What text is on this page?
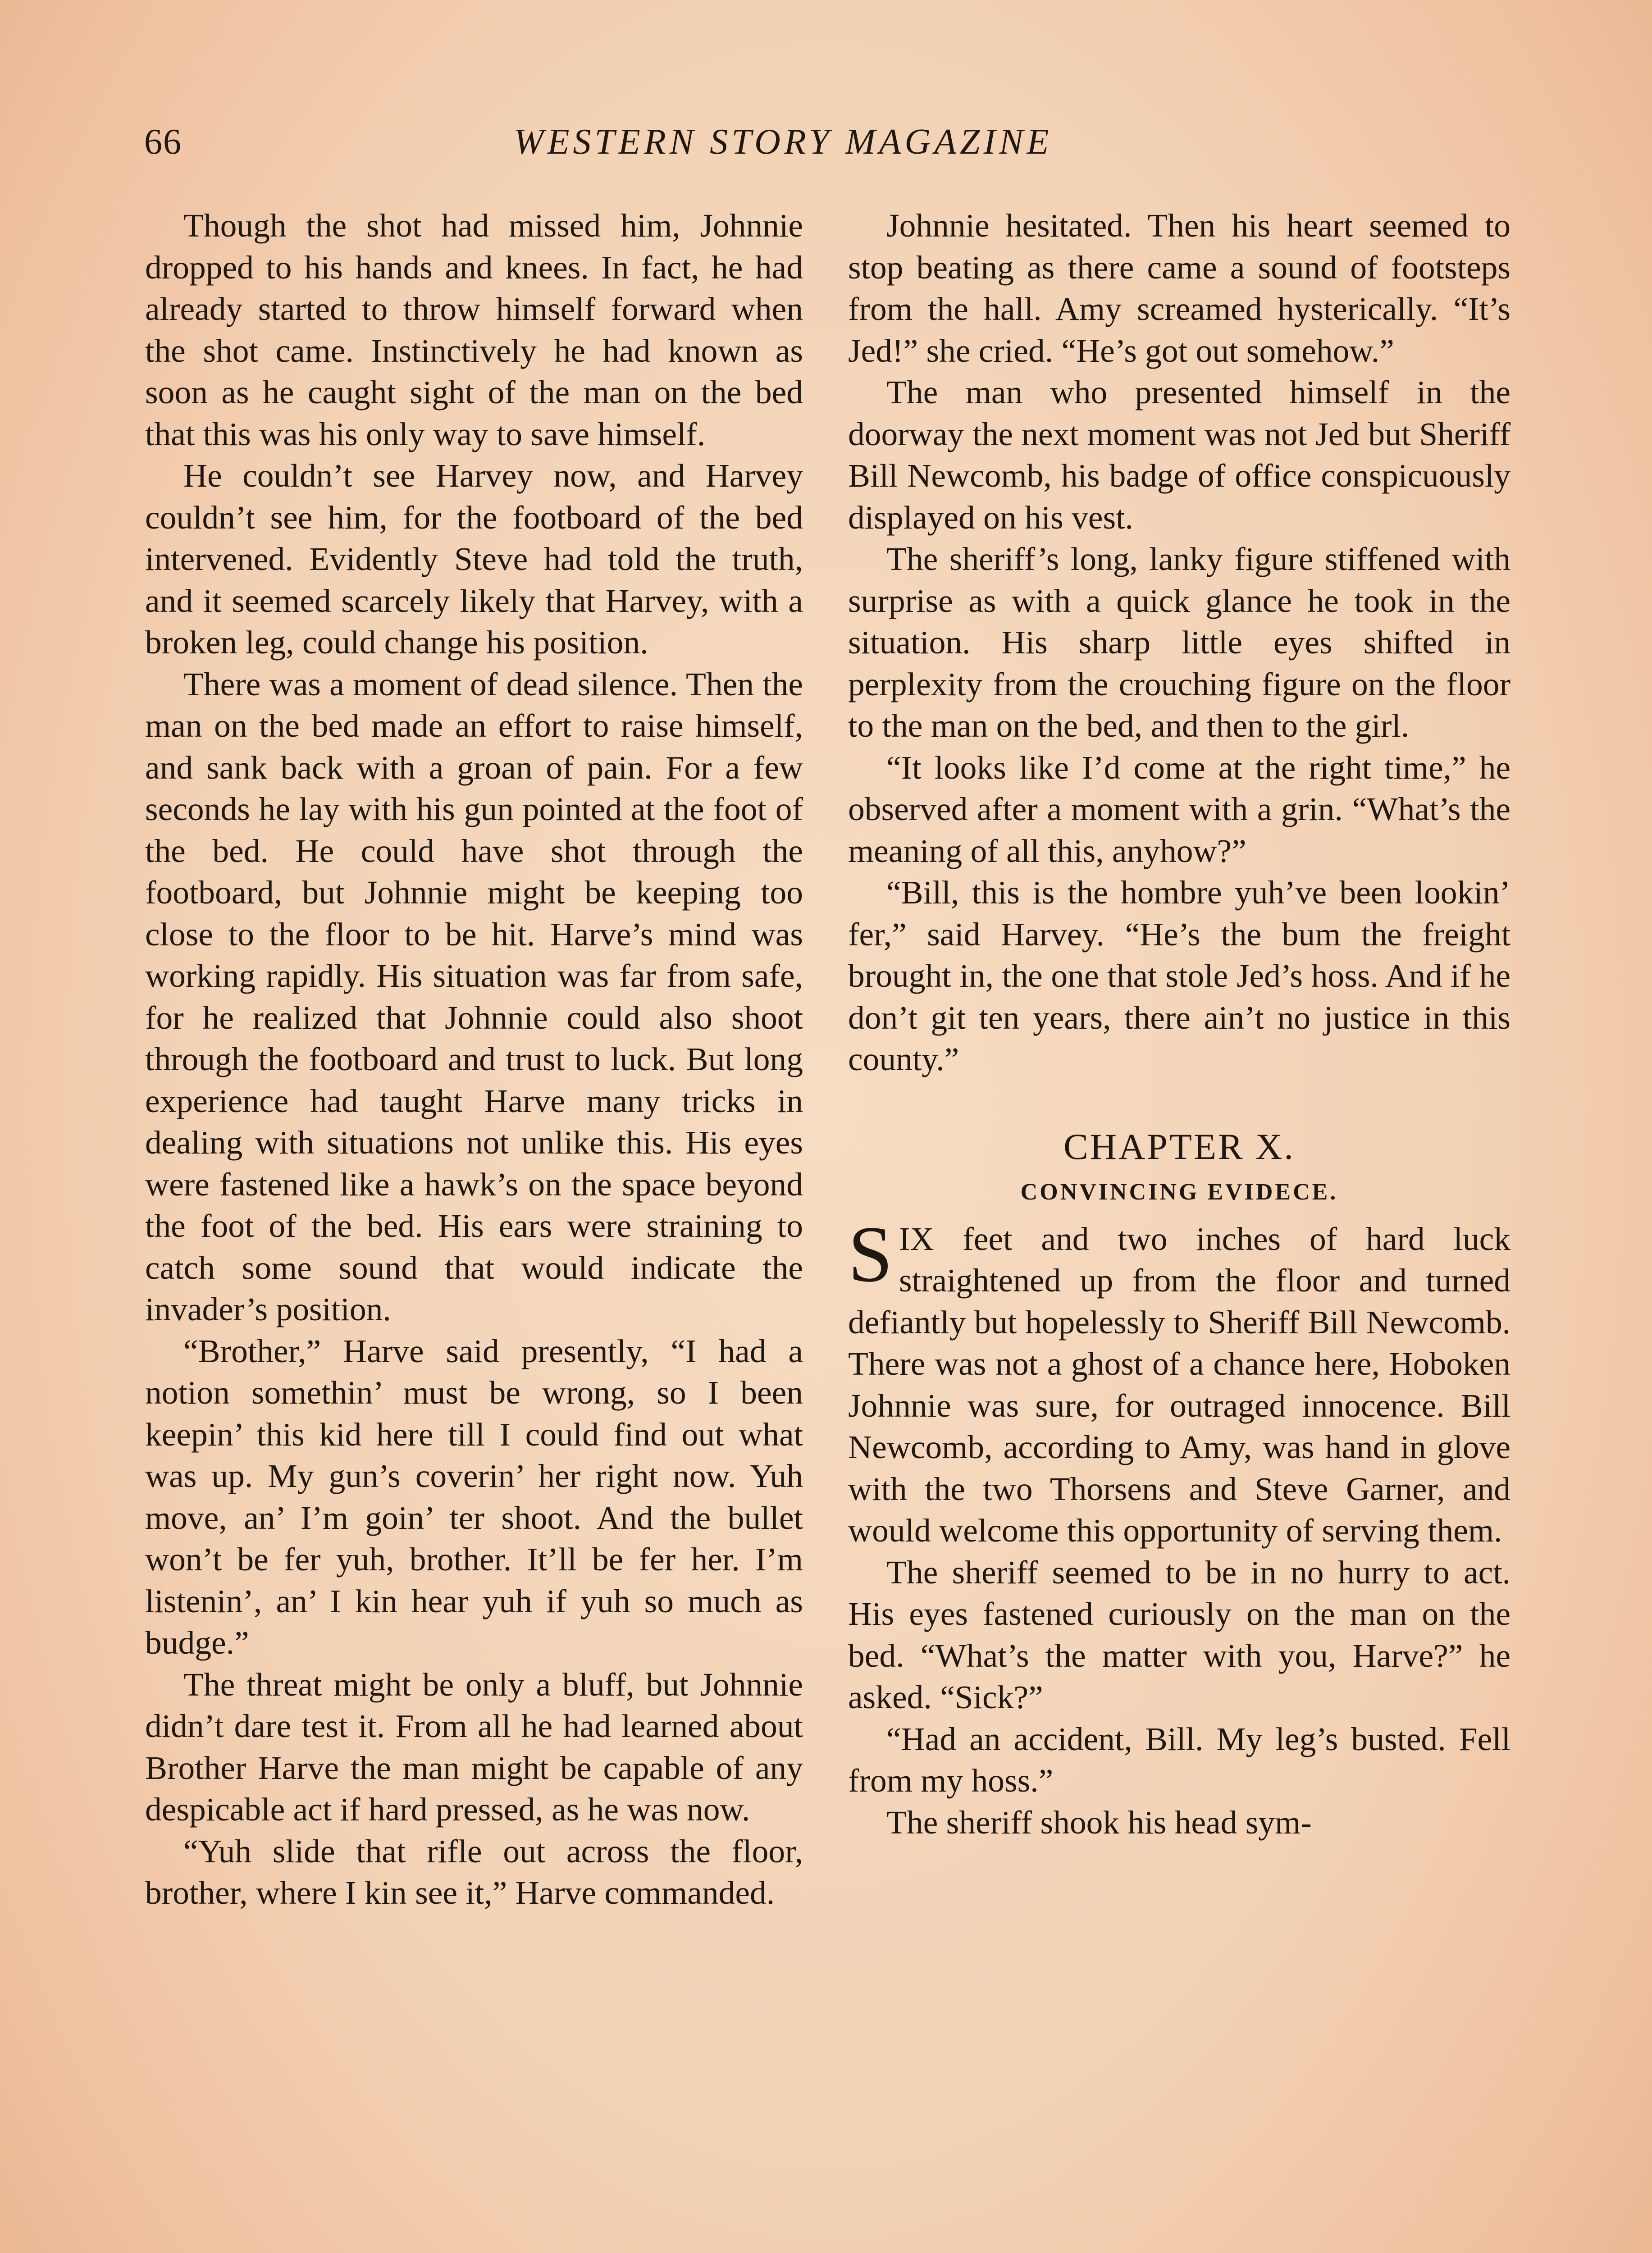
66	WESTERN STORY MAGAZINE

Though the shot had missed him, Johnnie dropped to his hands and knees. In fact, he had already started to throw himself forward when the shot came. Instinctively he had known as soon as he caught sight of the man on the bed that this was his only way to save himself.

He couldn’t see Harvey now, and Harvey couldn’t see him, for the footboard of the bed intervened. Evidently Steve had told the truth, and it seemed scarcely likely that Harvey, with a broken leg, could change his position.

There was a moment of dead silence. Then the man on the bed made an effort to raise himself, and sank back with a groan of pain. For a few seconds he lay with his gun pointed at the foot of the bed. He could have shot through the footboard, but Johnnie might be keeping too close to the floor to be hit. Harve’s mind was working rapidly. His situation was far from safe, for he realized that Johnnie could also shoot through the footboard and trust to luck. But long experience had taught Harve many tricks in dealing with situations not unlike this. His eyes were fastened like a hawk’s on the space beyond the foot of the bed. His ears were straining to catch some sound that would indicate the invader’s position.

“Brother,” Harve said presently, “I had a notion somethin’ must be wrong, so I been keepin’ this kid here till I could find out what was up. My gun’s coverin’ her right now. Yuh move, an’ I’m goin’ ter shoot. And the bullet won’t be fer yuh, brother. It’ll be fer her. I’m listenin’, an’ I kin hear yuh if yuh so much as budge.”

The threat might be only a bluff, but Johnnie didn’t dare test it. From all he had learned about Brother Harve the man might be capable of any despicable act if hard pressed, as he was now.

“Yuh slide that rifle out across the floor, brother, where I kin see it,” Harve commanded.

Johnnie hesitated. Then his heart seemed to stop beating as there came a sound of footsteps from the hall. Amy screamed hysterically. “It’s Jed!” she cried. “He’s got out somehow.”

The man who presented himself in the doorway the next moment was not Jed but Sheriff Bill Newcomb, his badge of office conspicuously displayed on his vest.

The sheriff’s long, lanky figure stiffened with surprise as with a quick glance he took in the situation. His sharp little eyes shifted in perplexity from the crouching figure on the floor to the man on the bed, and then to the girl.

“It looks like I’d come at the right time,” he observed after a moment with a grin. “What’s the meaning of all this, anyhow?”

“Bill, this is the hombre yuh’ve been lookin’ fer,” said Harvey. “He’s the bum the freight brought in, the one that stole Jed’s hoss. And if he don’t git ten years, there ain’t no justice in this county.”

CHAPTER X.
CONVINCING EVIDECE.

SIX feet and two inches of hard luck straightened up from the floor and turned defiantly but hopelessly to Sheriff Bill Newcomb. There was not a ghost of a chance here, Hoboken Johnnie was sure, for outraged innocence. Bill Newcomb, according to Amy, was hand in glove with the two Thorsens and Steve Garner, and would welcome this opportunity of serving them.

The sheriff seemed to be in no hurry to act. His eyes fastened curiously on the man on the bed. “What’s the matter with you, Harve?” he asked. “Sick?”

“Had an accident, Bill. My leg’s busted. Fell from my hoss.”

The sheriff shook his head sym-
